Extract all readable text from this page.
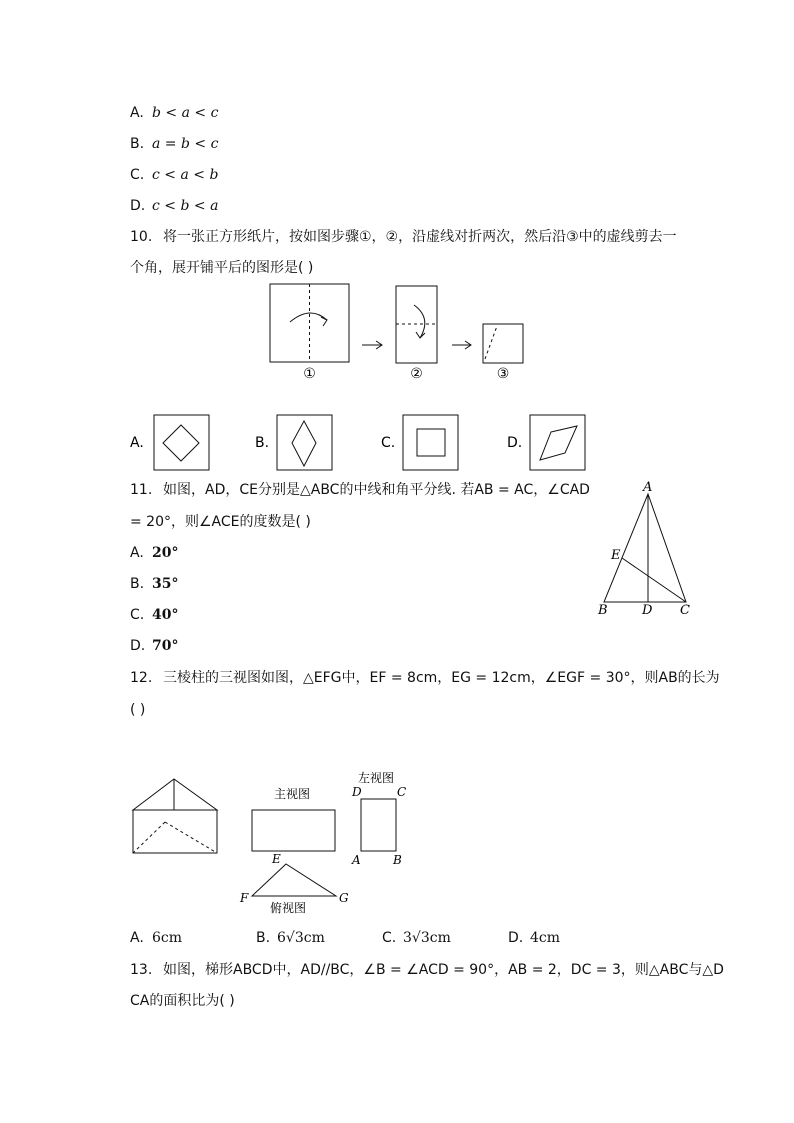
A. b < a < c
B. a = b < c
C. c < a < b
D. c < b < a
10. 将一张正方形纸片，按如图步骤①，②，沿虚线对折两次，然后沿③中的虚线剪去一
个角，展开铺平后的图形是( )
①	②	③
A.	B.	C.	D.
11. 如图，AD，CE分别是△ABC的中线和角平分线. 若AB = AC，∠CAD
= 20°，则∠ACE的度数是( )
A. 20°
B. 35°
C. 40°
D. 70°
A
E
B	D C
12. 三棱柱的三视图如图，△EFG中，EF = 8cm，EG = 12cm，∠EGF = 30°，则AB的长为
( )
主视图
左视图
D	C
A	B
E
F	G
俯视图
A. 6cm	B. 6√3cm	C. 3√3cm	D. 4cm
13. 如图，梯形ABCD中，AD//BC，∠B = ∠ACD = 90°，AB = 2，DC = 3，则△ABC与△D
CA的面积比为( )
